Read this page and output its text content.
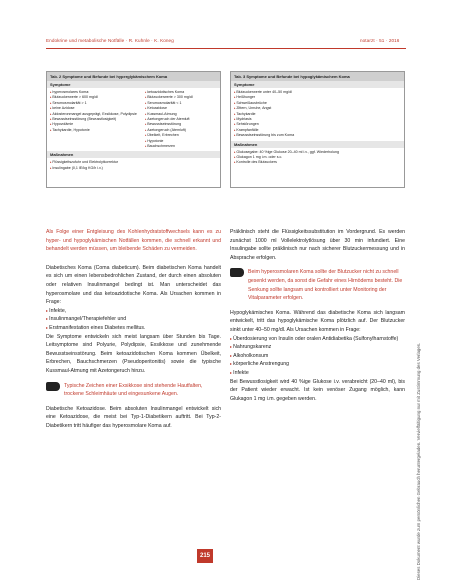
Endokrine und metabolische Notfälle · R. Kuhnle · K. Koneg	notarzt · 51 · 2016
Tab. 2 Symptome und Befunde bei hyperglykämischem Koma
Symptome
▸ hyperosmolares Koma:
▸ Blutzuckerwerte > 600 mg/dl
▸ Serumosmolarität > 1
▸ keine Azidose
▸ Aldosteronmangel ausgeprägt, Exsikkose, Polydipsie
▸ Bewusstseinsstörung (Bewusstlosigkeit)
▸ Hypovolämie
▸ Tachykardie, Hypotonie
▸ ketoazidotisches Koma
▸ Blutzuckerwerte > 300 mg/dl
▸ Serumosmolarität < 1
▸ Ketoazidose
▸ Kussmaul-Atmung
▸ Azetongeruch der Atemluft
▸ Bewusstseinsstörung
▸ Azetongeruch (Atemluft)
▸ Übelkeit, Erbrechen
▸ Hypotonie
▸ Bauchschmerzen
Maßnahmen
▸ Flüssigkeitszufuhr und Elektrolytkorrektur
▸ Insulingabe (0,1 IE/kg KG/h i.v.)
Tab. 3 Symptome und Befunde bei hypoglykämischem Koma
Symptome
▸ Blutzuckerwerte unter 40–50 mg/dl
▸ Heißhunger
▸ Schweißausbrüche
▸ Zittern, Unruhe, Angst
▸ Tachykardie
▸ Mydriasis
▸ Sehstörungen
▸ Krampfanfälle
▸ Bewusstseinsstörung bis zum Koma
Maßnahmen
▸ Glukosegabe: 40 %ige Glukose 20–40 ml i.v., ggf. Wiederholung
▸ Glukagon 1 mg i.m. oder s.c.
▸ Kontrolle des Blutzuckers
Als Folge einer Entgleisung des Kohlenhydratstoffwechsels kann es zu hyper- und hypoglykämischen Notfällen kommen, die schnell erkannt und behandelt werden müssen, um bleibende Schäden zu vermeiden.
Diabetisches Koma (Coma diabeticum). Beim diabetischen Koma handelt es sich um einen lebensbedrohlichen Zustand, der durch einen absoluten oder relativen Insulinmangel bedingt ist. Man unterscheidet das hyperosmolare und das ketoazidotische Koma. Als Ursachen kommen in Frage:
▸ Infekte,
▸ Insulinmangel/Therapiefehler und
▸ Erstmanifestation eines Diabetes mellitus.
Die Symptome entwickeln sich meist langsam über Stunden bis Tage. Leitsymptome sind Polyurie, Polydipsie, Exsikkose und zunehmende Bewusstseinsstörung. Beim ketoazidotischen Koma kommen Übelkeit, Erbrechen, Bauchschmerzen (Pseudoperitonitis) sowie die typische Kussmaul-Atmung mit Azetongeruch hinzu.
Typische Zeichen einer Exsikkose sind stehende Hautfalten, trockene Schleimhäute und eingesunkene Augen.
Diabetische Ketoazidose. Beim absoluten Insulinmangel entwickelt sich eine Ketoazidose, die meist bei Typ-1-Diabetikern auftritt. Bei Typ-2-Diabetikern tritt häufiger das hyperosmolare Koma auf.
Präklinisch steht die Flüssigkeitssubstitution im Vordergrund. Es werden zunächst 1000 ml Vollelektrolytlösung über 30 min infundiert. Eine Insulingabe sollte präklinisch nur nach sicherer Blutzuckermessung und in Absprache erfolgen.
Beim hyperosmolaren Koma sollte der Blutzucker nicht zu schnell gesenkt werden, da sonst die Gefahr eines Hirnödems besteht. Die Senkung sollte langsam und kontrolliert unter Monitoring der Vitalparameter erfolgen.
Hypoglykämisches Koma. Während das diabetische Koma sich langsam entwickelt, tritt das hypoglykämische Koma plötzlich auf. Der Blutzucker sinkt unter 40–50 mg/dl. Als Ursachen kommen in Frage:
▸ Überdosierung von Insulin oder oralen Antidiabetika (Sulfonylharnstoffe)
▸ Nahrungskarenz
▸ Alkoholkonsum
▸ körperliche Anstrengung
▸ Infekte
Bei Bewusstlosigkeit wird 40 %ige Glukose i.v. verabreicht (20–40 ml), bis der Patient wieder erwacht. Ist kein venöser Zugang möglich, kann Glukagon 1 mg i.m. gegeben werden.
215	Dieses Dokument wurde zum persönlichen Gebrauch heruntergeladen. Vervielfältigung nur mit Zustimmung des Verlages.
